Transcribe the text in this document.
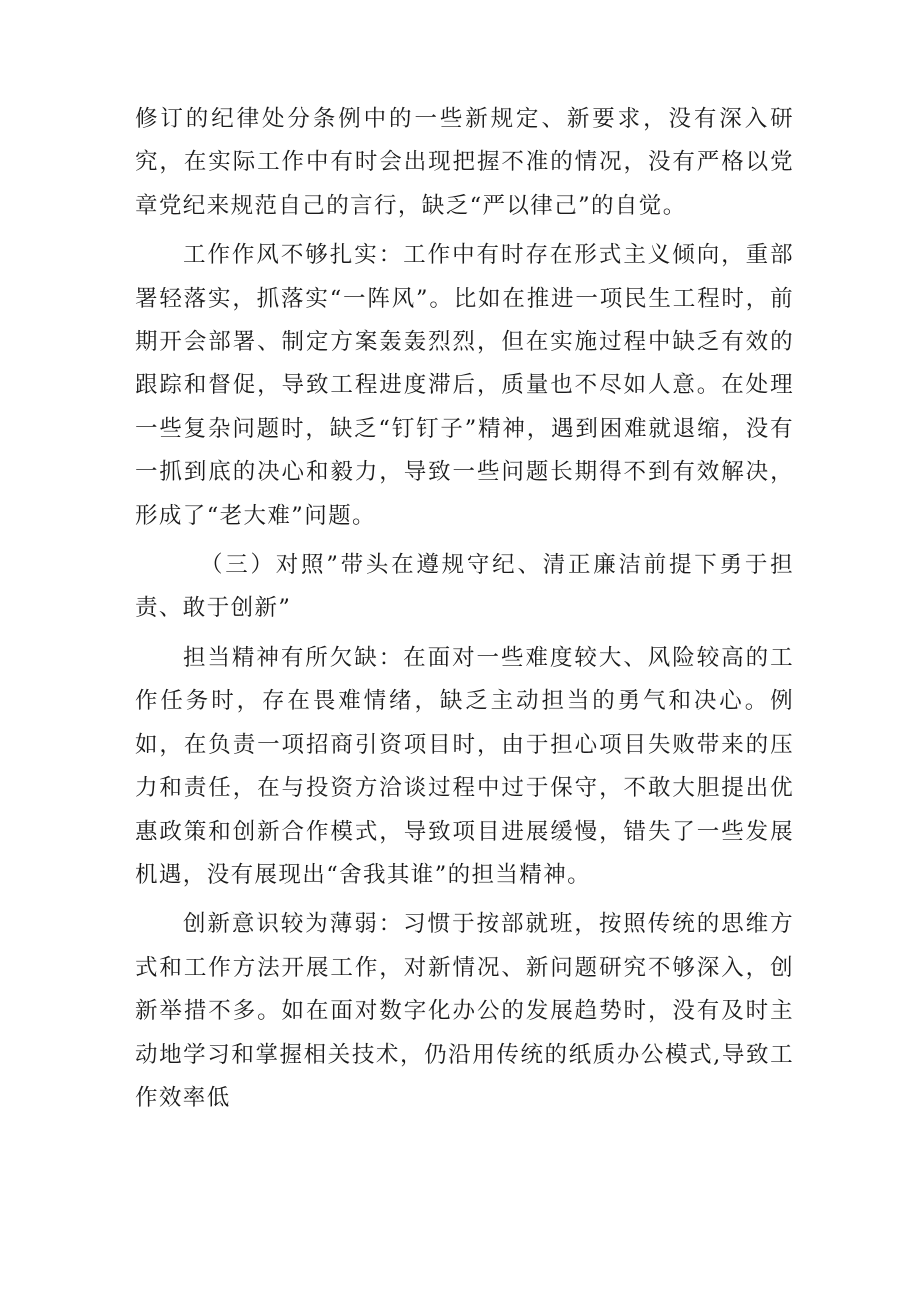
修订的纪律处分条例中的一些新规定、新要求，没有深入研究，在实际工作中有时会出现把握不准的情况，没有严格以党章党纪来规范自己的言行，缺乏“严以律己”的自觉。

工作作风不够扎实：工作中有时存在形式主义倾向，重部署轻落实，抓落实“一阵风”。比如在推进一项民生工程时，前期开会部署、制定方案轰轰烈烈，但在实施过程中缺乏有效的跟踪和督促，导致工程进度滞后，质量也不尽如人意。在处理一些复杂问题时，缺乏“钉钉子”精神，遇到困难就退缩，没有一抓到底的决心和毅力，导致一些问题长期得不到有效解决，形成了“老大难”问题。

（三）对照”带头在遵规守纪、清正廉洁前提下勇于担责、敢于创新”

担当精神有所欠缺：在面对一些难度较大、风险较高的工作任务时，存在畏难情绪，缺乏主动担当的勇气和决心。例如，在负责一项招商引资项目时，由于担心项目失败带来的压力和责任，在与投资方洽谈过程中过于保守，不敢大胆提出优惠政策和创新合作模式，导致项目进展缓慢，错失了一些发展机遇，没有展现出“舍我其谁”的担当精神。

创新意识较为薄弱：习惯于按部就班，按照传统的思维方式和工作方法开展工作，对新情况、新问题研究不够深入，创新举措不多。如在面对数字化办公的发展趋势时，没有及时主动地学习和掌握相关技术，仍沿用传统的纸质办公模式,导致工作效率低
